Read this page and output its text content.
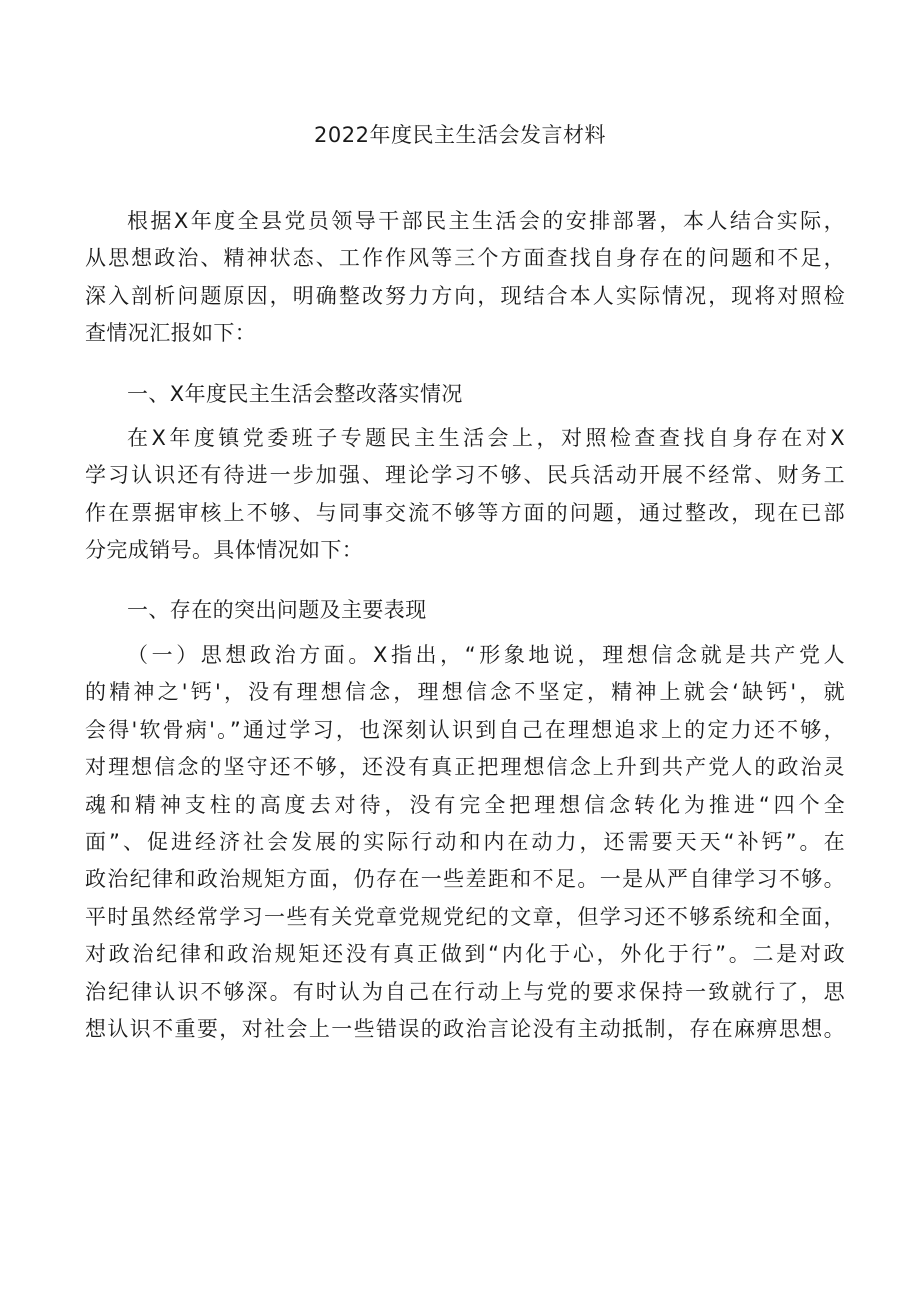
2022年度民主生活会发言材料
根据X年度全县党员领导干部民主生活会的安排部署，本人结合实际，
从思想政治、精神状态、工作作风等三个方面查找自身存在的问题和不足，
深入剖析问题原因，明确整改努力方向，现结合本人实际情况，现将对照检
查情况汇报如下：
一、X年度民主生活会整改落实情况
在X年度镇党委班子专题民主生活会上，对照检查查找自身存在对X
学习认识还有待进一步加强、理论学习不够、民兵活动开展不经常、财务工
作在票据审核上不够、与同事交流不够等方面的问题，通过整改，现在已部
分完成销号。具体情况如下：
一、存在的突出问题及主要表现
（一）思想政治方面。X指出，“形象地说，理想信念就是共产党人
的精神之'钙'，没有理想信念，理想信念不坚定，精神上就会‘缺钙'，就
会得'软骨病'。”通过学习，也深刻认识到自己在理想追求上的定力还不够，
对理想信念的坚守还不够，还没有真正把理想信念上升到共产党人的政治灵
魂和精神支柱的高度去对待，没有完全把理想信念转化为推进“四个全
面”、促进经济社会发展的实际行动和内在动力，还需要天天“补钙”。在
政治纪律和政治规矩方面，仍存在一些差距和不足。一是从严自律学习不够。
平时虽然经常学习一些有关党章党规党纪的文章，但学习还不够系统和全面，
对政治纪律和政治规矩还没有真正做到“内化于心，外化于行”。二是对政
治纪律认识不够深。有时认为自己在行动上与党的要求保持一致就行了，思
想认识不重要，对社会上一些错误的政治言论没有主动抵制，存在麻痹思想。
